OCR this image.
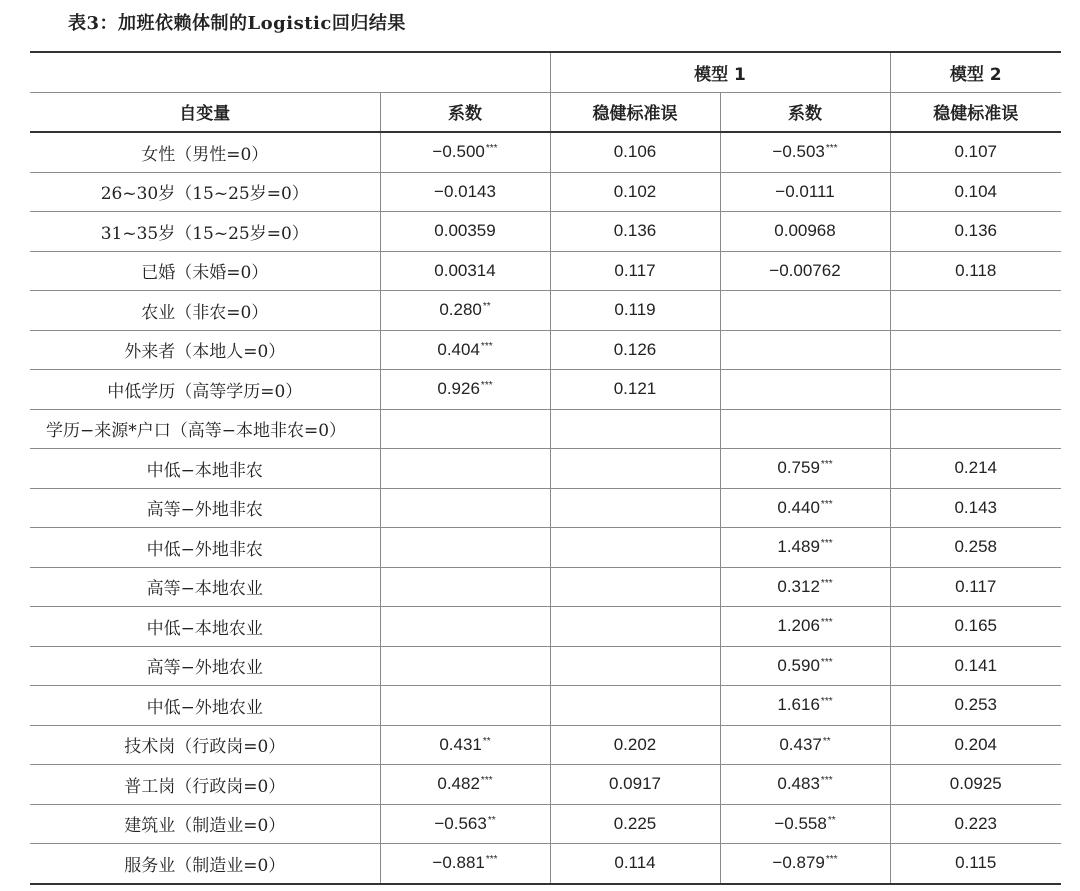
表3：加班依赖体制的Logistic回归结果
		模型 1		模型 2
自变量	系数	稳健标准误	系数	稳健标准误
女性（男性=0）	−0.500***	0.106	−0.503***	0.107
26~30岁（15~25岁=0）	−0.0143	0.102	−0.0111	0.104
31~35岁（15~25岁=0）	0.00359	0.136	0.00968	0.136
已婚（未婚=0）	0.00314	0.117	−0.00762	0.118
农业（非农=0）	0.280**	0.119		
外来者（本地人=0）	0.404***	0.126		
中低学历（高等学历=0）	0.926***	0.121		
学历−来源*户口（高等−本地非农=0）				
中低−本地非农			0.759***	0.214
高等−外地非农			0.440***	0.143
中低−外地非农			1.489***	0.258
高等−本地农业			0.312***	0.117
中低−本地农业			1.206***	0.165
高等−外地农业			0.590***	0.141
中低−外地农业			1.616***	0.253
技术岗（行政岗=0）	0.431**	0.202	0.437**	0.204
普工岗（行政岗=0）	0.482***	0.0917	0.483***	0.0925
建筑业（制造业=0）	−0.563**	0.225	−0.558**	0.223
服务业（制造业=0）	−0.881***	0.114	−0.879***	0.115
